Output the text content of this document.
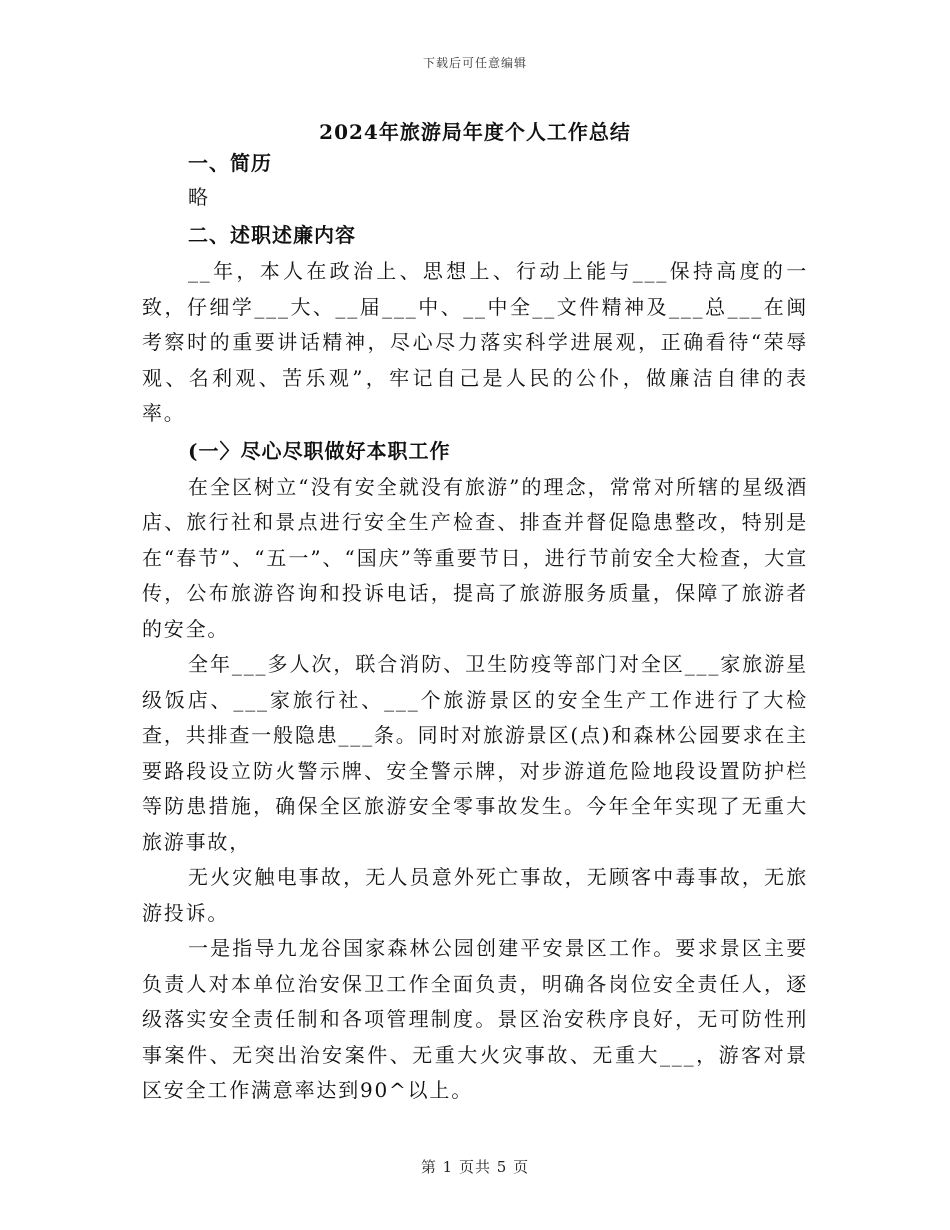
下载后可任意编辑
2024年旅游局年度个人工作总结

一、简历

略

二、述职述廉内容

__年，本人在政治上、思想上、行动上能与___保持高度的一致，仔细学___大、__届___中、__中全__文件精神及___总___在闽考察时的重要讲话精神，尽心尽力落实科学进展观，正确看待“荣辱观、名利观、苦乐观”，牢记自己是人民的公仆，做廉洁自律的表率。

(一〉尽心尽职做好本职工作

在全区树立“没有安全就没有旅游”的理念，常常对所辖的星级酒店、旅行社和景点进行安全生产检查、排查并督促隐患整改，特别是在“春节”、“五一”、“国庆”等重要节日，进行节前安全大检查，大宣传，公布旅游咨询和投诉电话，提高了旅游服务质量，保障了旅游者的安全。

全年___多人次，联合消防、卫生防疫等部门对全区___家旅游星级饭店、___家旅行社、___个旅游景区的安全生产工作进行了大检查，共排查一般隐患___条。同时对旅游景区(点)和森林公园要求在主要路段设立防火警示牌、安全警示牌，对步游道危险地段设置防护栏等防患措施，确保全区旅游安全零事故发生。今年全年实现了无重大旅游事故，

无火灾触电事故，无人员意外死亡事故，无顾客中毒事故，无旅游投诉。

一是指导九龙谷国家森林公园创建平安景区工作。要求景区主要负责人对本单位治安保卫工作全面负责，明确各岗位安全责任人，逐级落实安全责任制和各项管理制度。景区治安秩序良好，无可防性刑事案件、无突出治安案件、无重大火灾事故、无重大___，游客对景区安全工作满意率达到90^以上。

第 1 页共 5 页
